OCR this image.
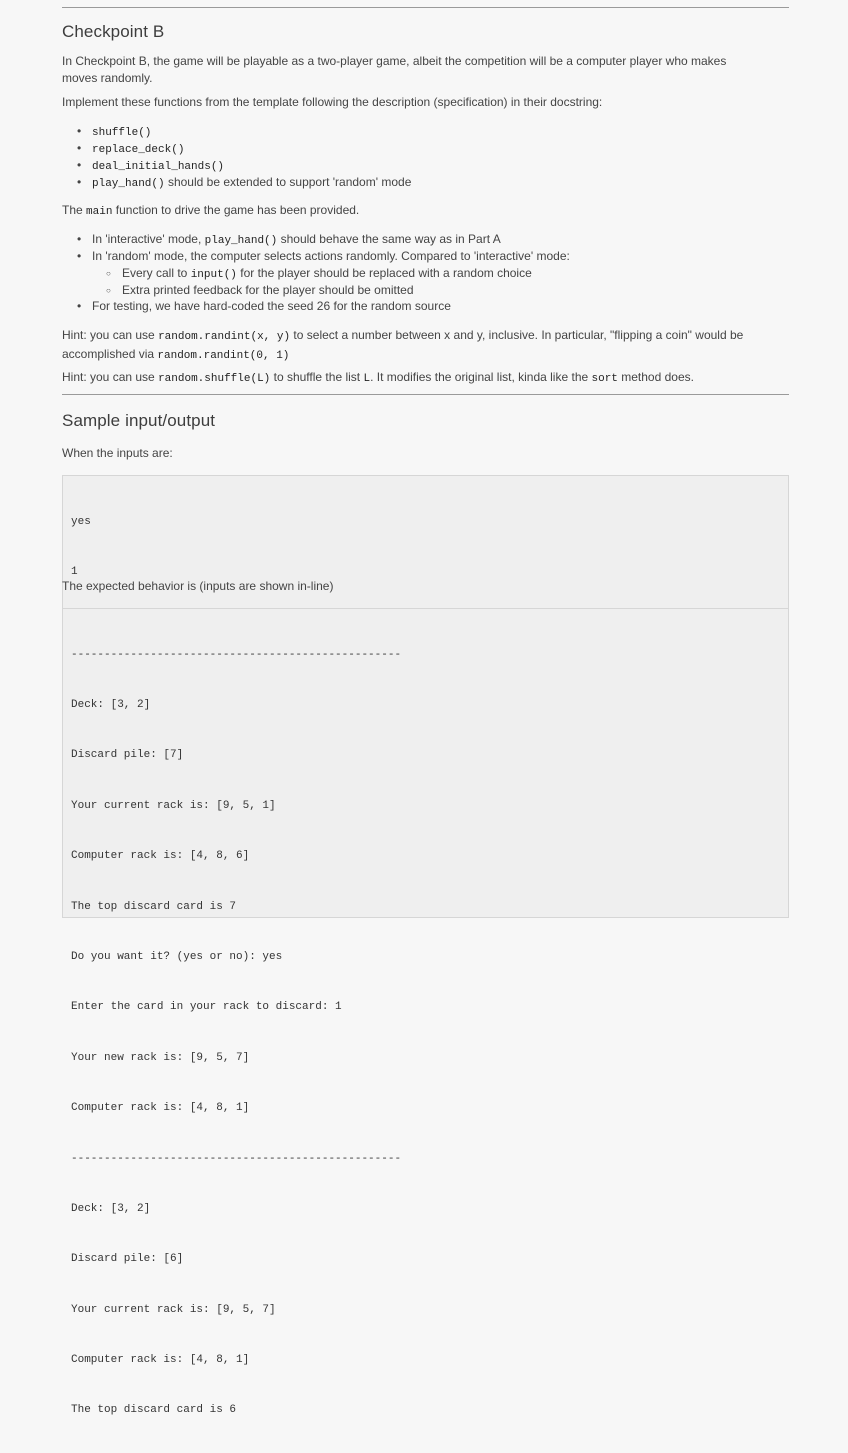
Checkpoint B

In Checkpoint B, the game will be playable as a two-player game, albeit the competition will be a computer player who makes moves randomly.

Implement these functions from the template following the description (specification) in their docstring:

• shuffle()
• replace_deck()
• deal_initial_hands()
• play_hand() should be extended to support 'random' mode

The main function to drive the game has been provided.

• In 'interactive' mode, play_hand() should behave the same way as in Part A
• In 'random' mode, the computer selects actions randomly. Compared to 'interactive' mode:
○ Every call to input() for the player should be replaced with a random choice
○ Extra printed feedback for the player should be omitted
• For testing, we have hard-coded the seed 26 for the random source

Hint: you can use random.randint(x, y) to select a number between x and y, inclusive. In particular, "flipping a coin" would be accomplished via random.randint(0, 1)

Hint: you can use random.shuffle(L) to shuffle the list L. It modifies the original list, kinda like the sort method does.

Sample input/output

When the inputs are:

yes

1

The expected behavior is (inputs are shown in-line)

--------------------------------------------------

Deck: [3, 2]

Discard pile: [7]

Your current rack is: [9, 5, 1]

Computer rack is: [4, 8, 6]

The top discard card is 7

Do you want it? (yes or no): yes

Enter the card in your rack to discard: 1

Your new rack is: [9, 5, 7]

Computer rack is: [4, 8, 1]

--------------------------------------------------

Deck: [3, 2]

Discard pile: [6]

Your current rack is: [9, 5, 7]

Computer rack is: [4, 8, 1]

The top discard card is 6
